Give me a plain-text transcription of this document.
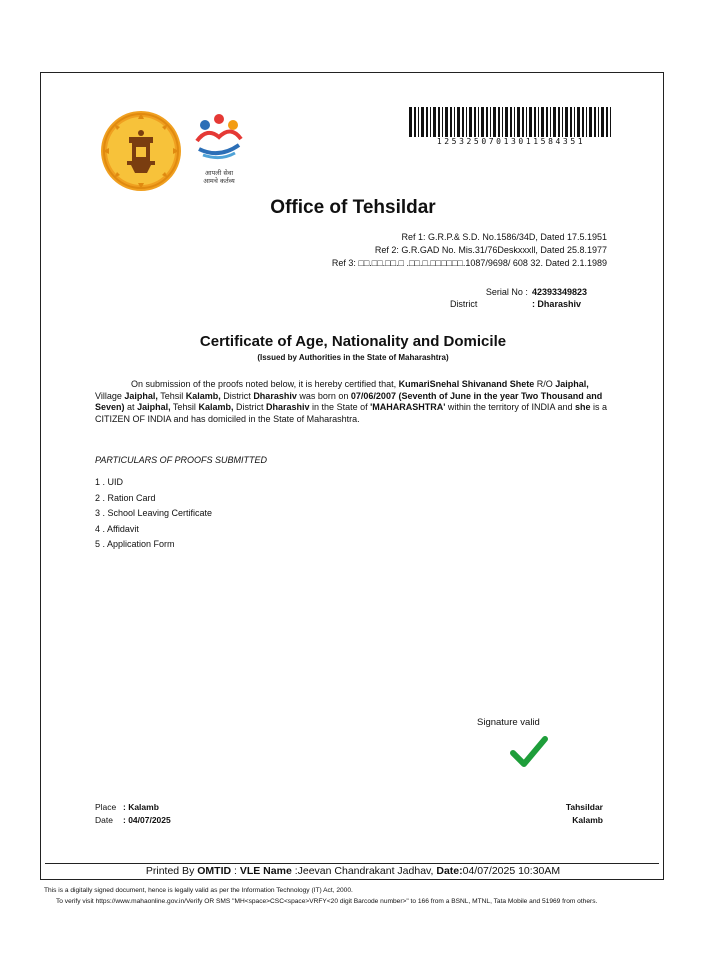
आपली सेवा
आमचे कर्तव्य
125325070130115843​51
Office of Tehsildar
Ref 1: G.R.P.& S.D. No.1586/34D, Dated 17.5.1951
Ref 2: G.R.GAD No. Mis.31/76Deskxxxll, Dated 25.8.1977
Ref 3: □□.□□.□□.□ .□□.□.□□□□□□.1087/9698/ 608 32. Dated 2.1.1989
Serial No : 42393349823
District	: Dharashiv
Certificate of Age, Nationality and Domicile
(Issued by Authorities in the State of Maharashtra)
On submission of the proofs noted below, it is hereby certified that, KumariSnehal Shivanand Shete R/O Jaiphal, Village Jaiphal, Tehsil Kalamb, District Dharashiv was born on 07/06/2007 (Seventh of June in the year Two Thousand and Seven) at Jaiphal, Tehsil Kalamb, District Dharashiv in the State of 'MAHARASHTRA' within the territory of INDIA and she is a CITIZEN OF INDIA and has domiciled in the State of Maharashtra.
PARTICULARS OF PROOFS SUBMITTED
1 . UID
2 . Ration Card
3 . School Leaving Certificate
4 . Affidavit
5 . Application Form
Signature valid
Place : Kalamb
Date	: 04/07/2025
Tahsildar
Kalamb
Printed By OMTID : VLE Name :Jeevan Chandrakant Jadhav, Date:04/07/2025 10:30AM
This is a digitally signed document, hence is legally valid as per the Information Technology (IT) Act, 2000.
To verify visit https://www.mahaonline.gov.in/Verify OR SMS "MH<space>CSC<space>VRFY<20 digit Barcode number>" to 166 from a BSNL, MTNL, Tata Mobile and 51969 from others.
